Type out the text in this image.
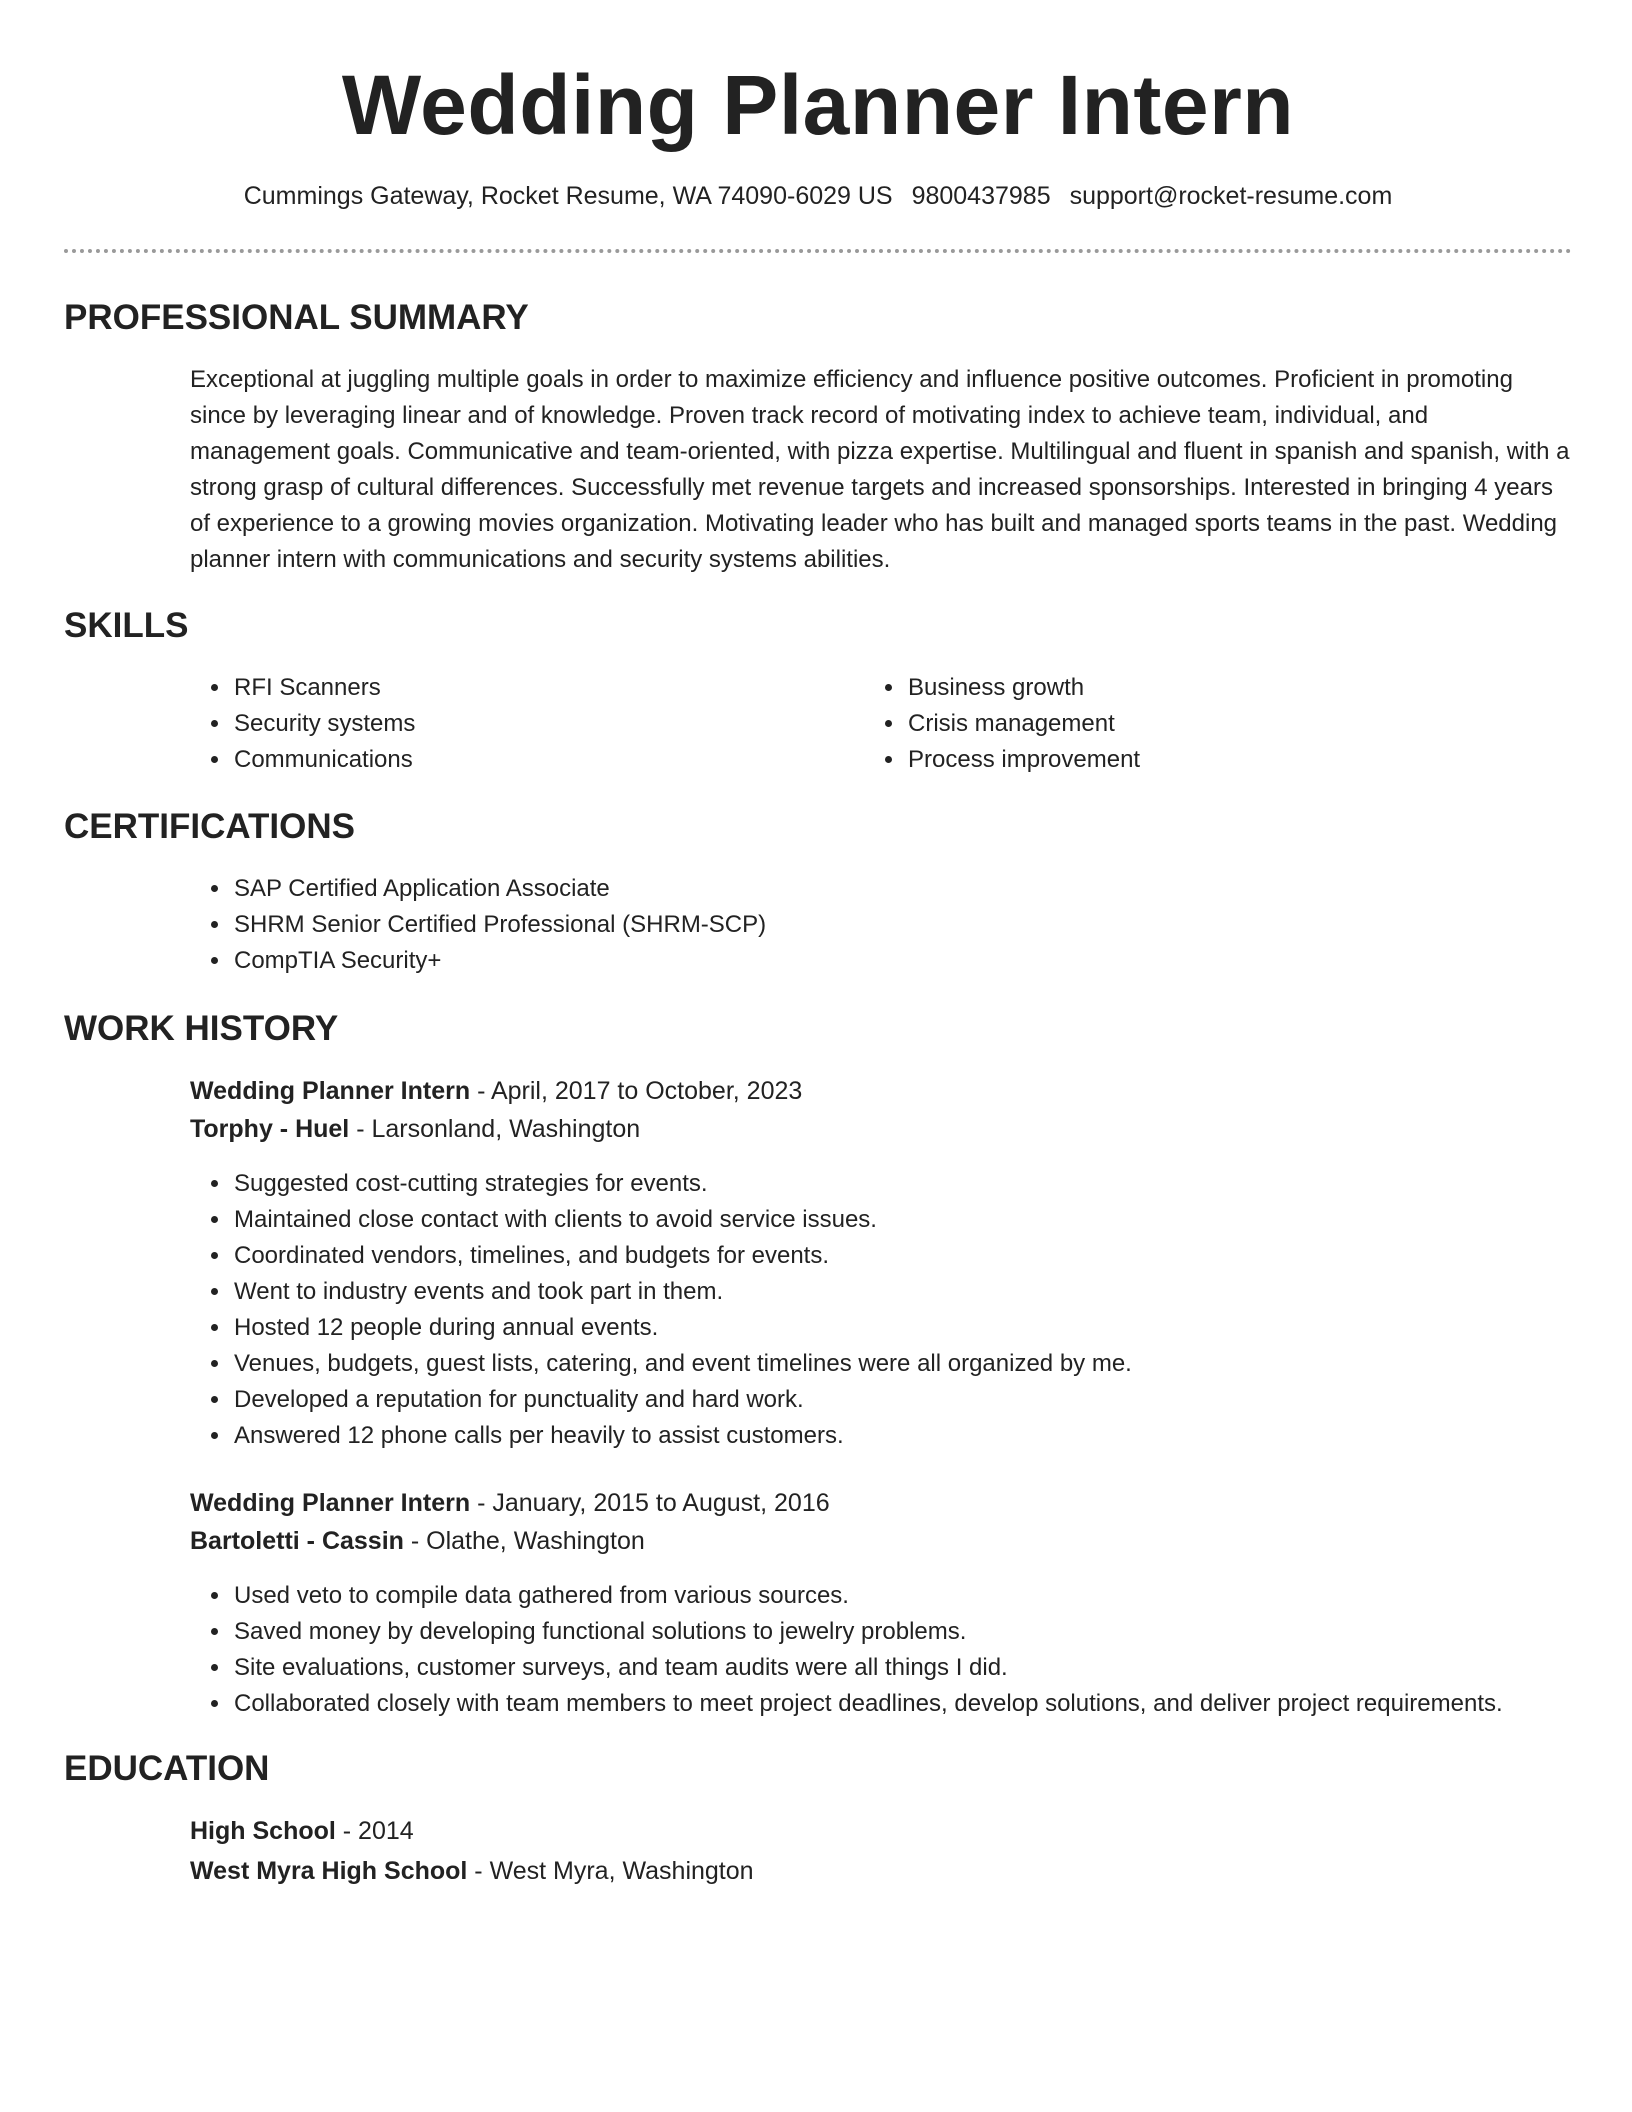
Wedding Planner Intern
Cummings Gateway, Rocket Resume, WA 74090-6029 US 9800437985 support@rocket-resume.com
PROFESSIONAL SUMMARY
Exceptional at juggling multiple goals in order to maximize efficiency and influence positive outcomes. Proficient in promoting since by leveraging linear and of knowledge. Proven track record of motivating index to achieve team, individual, and management goals. Communicative and team-oriented, with pizza expertise. Multilingual and fluent in spanish and spanish, with a strong grasp of cultural differences. Successfully met revenue targets and increased sponsorships. Interested in bringing 4 years of experience to a growing movies organization. Motivating leader who has built and managed sports teams in the past. Wedding planner intern with communications and security systems abilities.
SKILLS
• RFI Scanners
• Security systems
• Communications
• Business growth
• Crisis management
• Process improvement
CERTIFICATIONS
• SAP Certified Application Associate
• SHRM Senior Certified Professional (SHRM-SCP)
• CompTIA Security+
WORK HISTORY
Wedding Planner Intern - April, 2017 to October, 2023
Torphy - Huel - Larsonland, Washington
• Suggested cost-cutting strategies for events.
• Maintained close contact with clients to avoid service issues.
• Coordinated vendors, timelines, and budgets for events.
• Went to industry events and took part in them.
• Hosted 12 people during annual events.
• Venues, budgets, guest lists, catering, and event timelines were all organized by me.
• Developed a reputation for punctuality and hard work.
• Answered 12 phone calls per heavily to assist customers.
Wedding Planner Intern - January, 2015 to August, 2016
Bartoletti - Cassin - Olathe, Washington
• Used veto to compile data gathered from various sources.
• Saved money by developing functional solutions to jewelry problems.
• Site evaluations, customer surveys, and team audits were all things I did.
• Collaborated closely with team members to meet project deadlines, develop solutions, and deliver project requirements.
EDUCATION
High School - 2014
West Myra High School - West Myra, Washington
